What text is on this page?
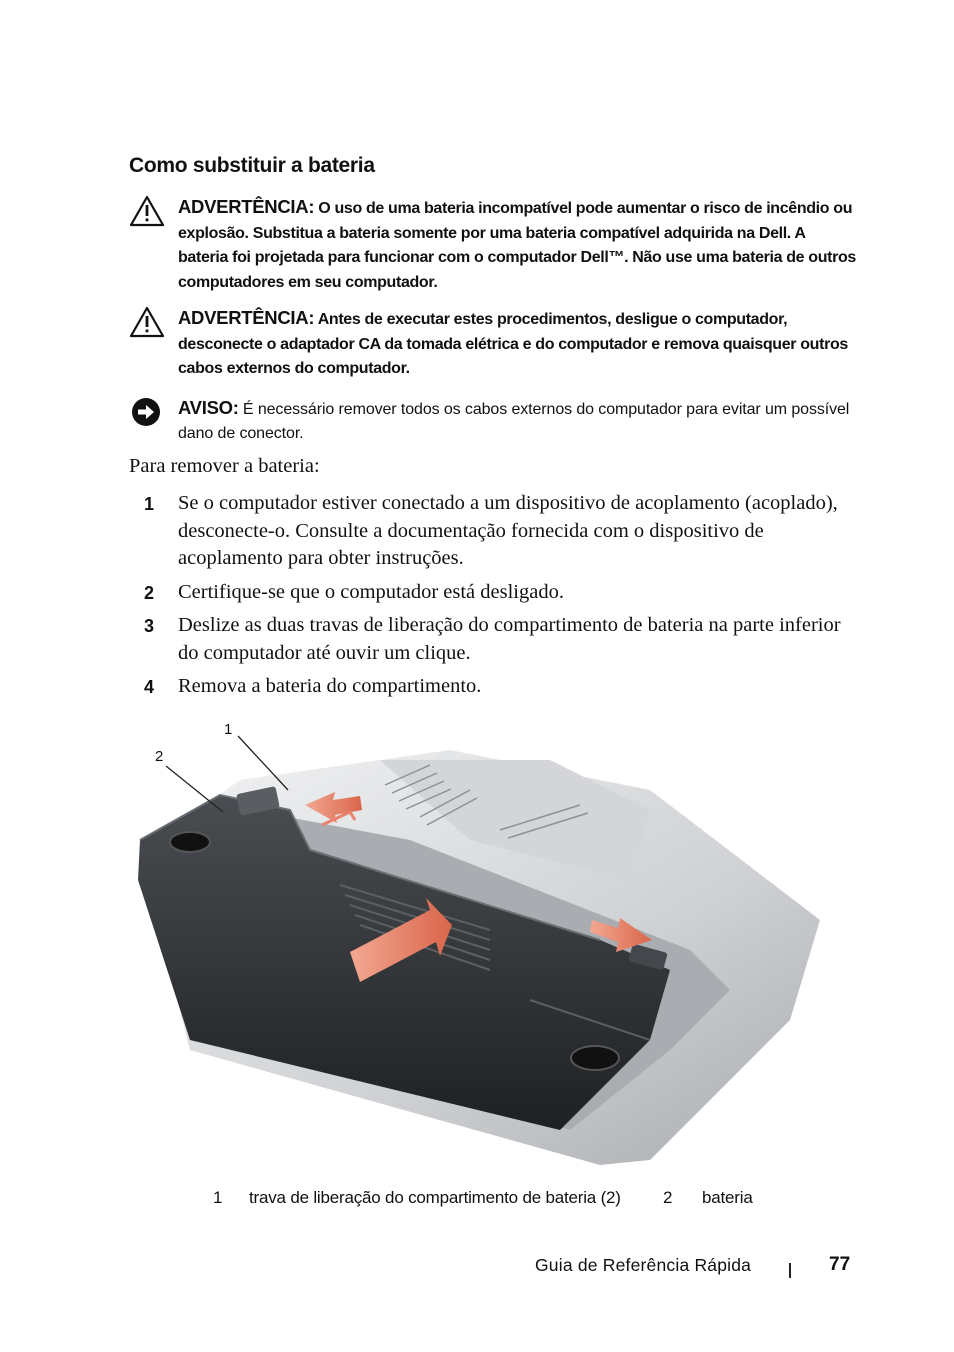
Como substituir a bateria
ADVERTÊNCIA: O uso de uma bateria incompatível pode aumentar o risco de incêndio ou explosão. Substitua a bateria somente por uma bateria compatível adquirida na Dell. A bateria foi projetada para funcionar com o computador Dell™. Não use uma bateria de outros computadores em seu computador.
ADVERTÊNCIA: Antes de executar estes procedimentos, desligue o computador, desconecte o adaptador CA da tomada elétrica e do computador e remova quaisquer outros cabos externos do computador.
AVISO: É necessário remover todos os cabos externos do computador para evitar um possível dano de conector.
Para remover a bateria:
1 Se o computador estiver conectado a um dispositivo de acoplamento (acoplado), desconecte-o. Consulte a documentação fornecida com o dispositivo de acoplamento para obter instruções.
2 Certifique-se que o computador está desligado.
3 Deslize as duas travas de liberação do compartimento de bateria na parte inferior do computador até ouvir um clique.
4 Remova a bateria do compartimento.
1
2
1 trava de liberação do compartimento de bateria (2) 2 bateria
Guia de Referência Rápida	77
